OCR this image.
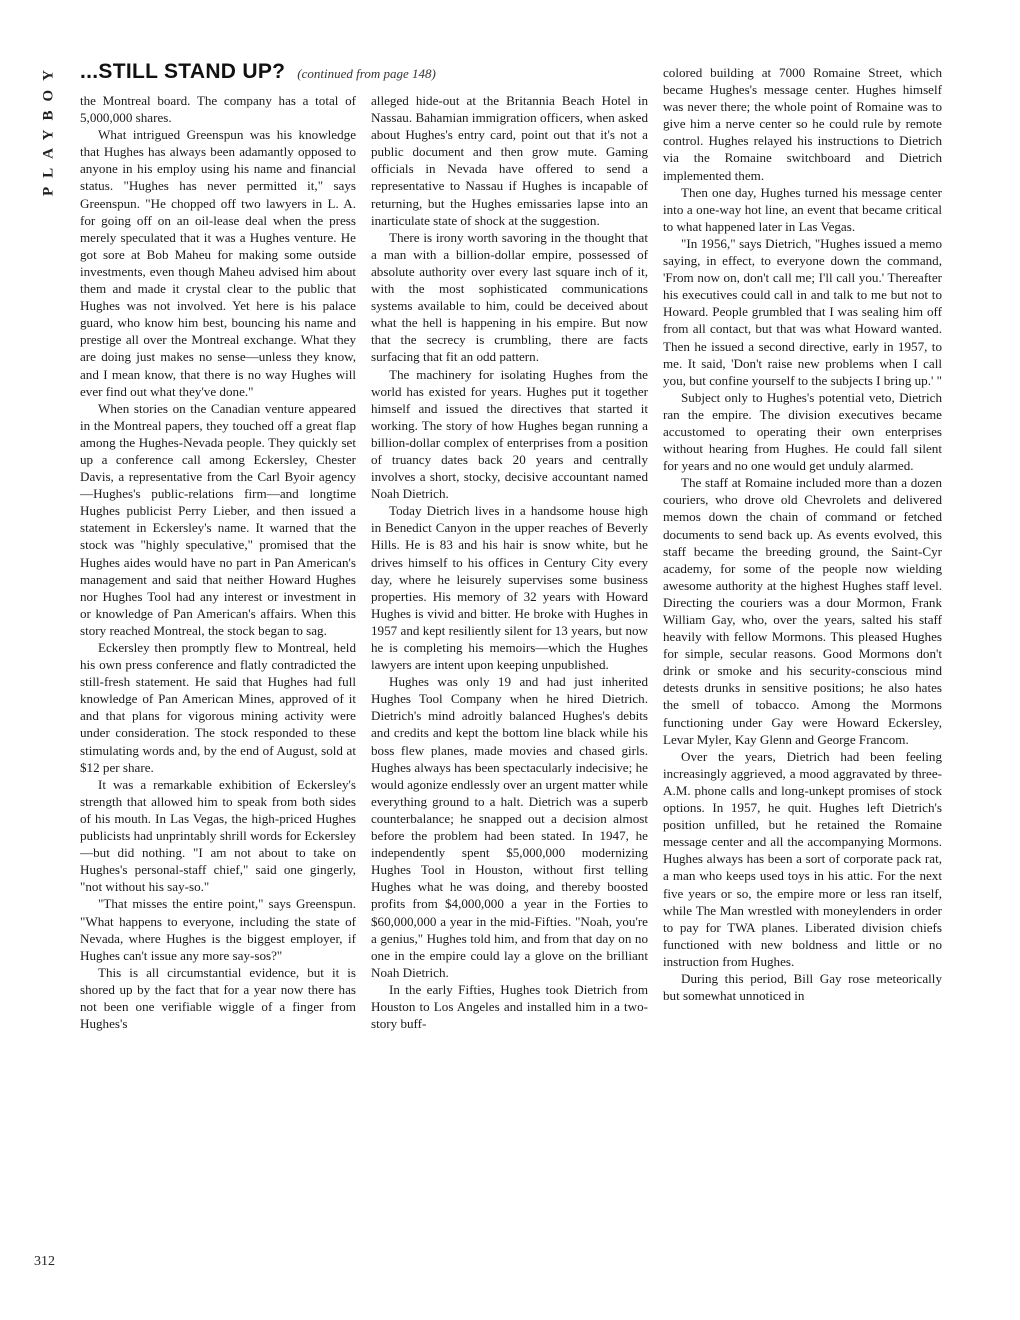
PLAYBOY ...STILL STAND UP? (continued from page 148)

the Montreal board. The company has a total of 5,000,000 shares.

What intrigued Greenspun was his knowledge that Hughes has always been adamantly opposed to anyone in his employ using his name and financial status. "Hughes has never permitted it," says Greenspun. "He chopped off two lawyers in L. A. for going off on an oil-lease deal when the press merely speculated that it was a Hughes venture. He got sore at Bob Maheu for making some outside investments, even though Maheu advised him about them and made it crystal clear to the public that Hughes was not involved. Yet here is his palace guard, who know him best, bouncing his name and prestige all over the Montreal exchange. What they are doing just makes no sense—unless they know, and I mean know, that there is no way Hughes will ever find out what they've done."

When stories on the Canadian venture appeared in the Montreal papers, they touched off a great flap among the Hughes-Nevada people. They quickly set up a conference call among Eckersley, Chester Davis, a representative from the Carl Byoir agency—Hughes's public-relations firm—and longtime Hughes publicist Perry Lieber, and then issued a statement in Eckersley's name. It warned that the stock was "highly speculative," promised that the Hughes aides would have no part in Pan American's management and said that neither Howard Hughes nor Hughes Tool had any interest or investment in or knowledge of Pan American's affairs. When this story reached Montreal, the stock began to sag.

Eckersley then promptly flew to Montreal, held his own press conference and flatly contradicted the still-fresh statement. He said that Hughes had full knowledge of Pan American Mines, approved of it and that plans for vigorous mining activity were under consideration. The stock responded to these stimulating words and, by the end of August, sold at $12 per share.

It was a remarkable exhibition of Eckersley's strength that allowed him to speak from both sides of his mouth. In Las Vegas, the high-priced Hughes publicists had unprintably shrill words for Eckersley—but did nothing. "I am not about to take on Hughes's personal-staff chief," said one gingerly, "not without his say-so."

"That misses the entire point," says Greenspun. "What happens to everyone, including the state of Nevada, where Hughes is the biggest employer, if Hughes can't issue any more say-sos?"

This is all circumstantial evidence, but it is shored up by the fact that for a year now there has not been one verifiable wiggle of a finger from Hughes's

alleged hide-out at the Britannia Beach Hotel in Nassau. Bahamian immigration officers, when asked about Hughes's entry card, point out that it's not a public document and then grow mute. Gaming officials in Nevada have offered to send a representative to Nassau if Hughes is incapable of returning, but the Hughes emissaries lapse into an inarticulate state of shock at the suggestion.

There is irony worth savoring in the thought that a man with a billion-dollar empire, possessed of absolute authority over every last square inch of it, with the most sophisticated communications systems available to him, could be deceived about what the hell is happening in his empire. But now that the secrecy is crumbling, there are facts surfacing that fit an odd pattern.

The machinery for isolating Hughes from the world has existed for years. Hughes put it together himself and issued the directives that started it working. The story of how Hughes began running a billion-dollar complex of enterprises from a position of truancy dates back 20 years and centrally involves a short, stocky, decisive accountant named Noah Dietrich.

Today Dietrich lives in a handsome house high in Benedict Canyon in the upper reaches of Beverly Hills. He is 83 and his hair is snow white, but he drives himself to his offices in Century City every day, where he leisurely supervises some business properties. His memory of 32 years with Howard Hughes is vivid and bitter. He broke with Hughes in 1957 and kept resiliently silent for 13 years, but now he is completing his memoirs—which the Hughes lawyers are intent upon keeping unpublished.

Hughes was only 19 and had just inherited Hughes Tool Company when he hired Dietrich. Dietrich's mind adroitly balanced Hughes's debits and credits and kept the bottom line black while his boss flew planes, made movies and chased girls. Hughes always has been spectacularly indecisive; he would agonize endlessly over an urgent matter while everything ground to a halt. Dietrich was a superb counterbalance; he snapped out a decision almost before the problem had been stated. In 1947, he independently spent $5,000,000 modernizing Hughes Tool in Houston, without first telling Hughes what he was doing, and thereby boosted profits from $4,000,000 a year in the Forties to $60,000,000 a year in the mid-Fifties. "Noah, you're a genius," Hughes told him, and from that day on no one in the empire could lay a glove on the brilliant Noah Dietrich.

In the early Fifties, Hughes took Dietrich from Houston to Los Angeles and installed him in a two-story buff-

colored building at 7000 Romaine Street, which became Hughes's message center. Hughes himself was never there; the whole point of Romaine was to give him a nerve center so he could rule by remote control. Hughes relayed his instructions to Dietrich via the Romaine switchboard and Dietrich implemented them.

Then one day, Hughes turned his message center into a one-way hot line, an event that became critical to what happened later in Las Vegas.

"In 1956," says Dietrich, "Hughes issued a memo saying, in effect, to everyone down the command, 'From now on, don't call me; I'll call you.' Thereafter his executives could call in and talk to me but not to Howard. People grumbled that I was sealing him off from all contact, but that was what Howard wanted. Then he issued a second directive, early in 1957, to me. It said, 'Don't raise new problems when I call you, but confine yourself to the subjects I bring up.' "

Subject only to Hughes's potential veto, Dietrich ran the empire. The division executives became accustomed to operating their own enterprises without hearing from Hughes. He could fall silent for years and no one would get unduly alarmed.

The staff at Romaine included more than a dozen couriers, who drove old Chevrolets and delivered memos down the chain of command or fetched documents to send back up. As events evolved, this staff became the breeding ground, the Saint-Cyr academy, for some of the people now wielding awesome authority at the highest Hughes staff level. Directing the couriers was a dour Mormon, Frank William Gay, who, over the years, salted his staff heavily with fellow Mormons. This pleased Hughes for simple, secular reasons. Good Mormons don't drink or smoke and his security-conscious mind detests drunks in sensitive positions; he also hates the smell of tobacco. Among the Mormons functioning under Gay were Howard Eckersley, Levar Myler, Kay Glenn and George Francom.

Over the years, Dietrich had been feeling increasingly aggrieved, a mood aggravated by three-A.M. phone calls and long-unkept promises of stock options. In 1957, he quit. Hughes left Dietrich's position unfilled, but he retained the Romaine message center and all the accompanying Mormons. Hughes always has been a sort of corporate pack rat, a man who keeps used toys in his attic. For the next five years or so, the empire more or less ran itself, while The Man wrestled with moneylenders in order to pay for TWA planes. Liberated division chiefs functioned with new boldness and little or no instruction from Hughes.

During this period, Bill Gay rose meteorically but somewhat unnoticed in

312
